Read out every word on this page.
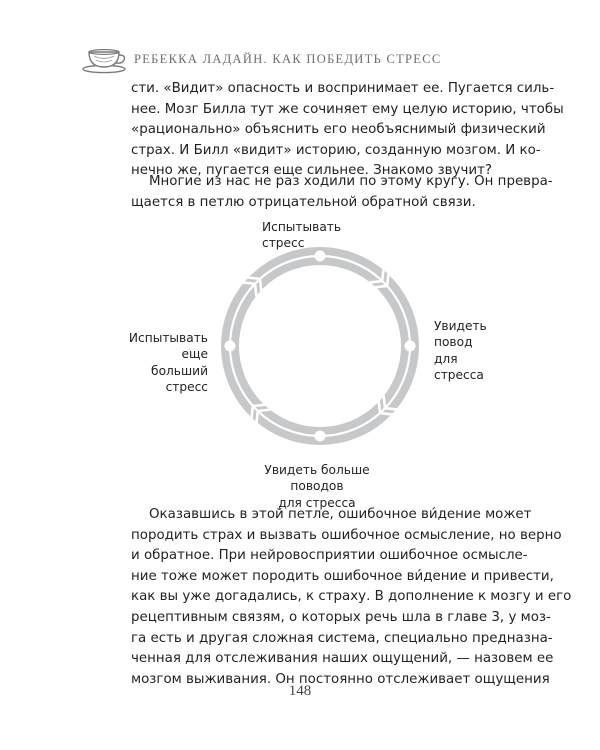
РЕБЕККА ЛАДАЙН. КАК ПОБЕДИТЬ СТРЕСС

сти. «Видит» опасность и воспринимает ее. Пугается силь-
нее. Мозг Билла тут же сочиняет ему целую историю, чтобы
«рационально» объяснить его необъяснимый физический
страх. И Билл «видит» историю, созданную мозгом. И ко-
нечно же, пугается еще сильнее. Знакомо звучит?

Многие из нас не раз ходили по этому кругу. Он превра-
щается в петлю отрицательной обратной связи.

Испытывать стресс
Увидеть
повод
для
стресса
Испытывать
еще больший
стресс
Увидеть больше поводов
для стресса

Оказавшись в этой петле, ошибочное ви́дение может
породить страх и вызвать ошибочное осмысление, но верно
и обратное. При нейровосприятии ошибочное осмысле-
ние тоже может породить ошибочное ви́дение и привести,
как вы уже догадались, к страху. В дополнение к мозгу и его
рецептивным связям, о которых речь шла в главе 3, у моз-
га есть и другая сложная система, специально предназна-
ченная для отслеживания наших ощущений, — назовем ее
мозгом выживания. Он постоянно отслеживает ощущения

148
